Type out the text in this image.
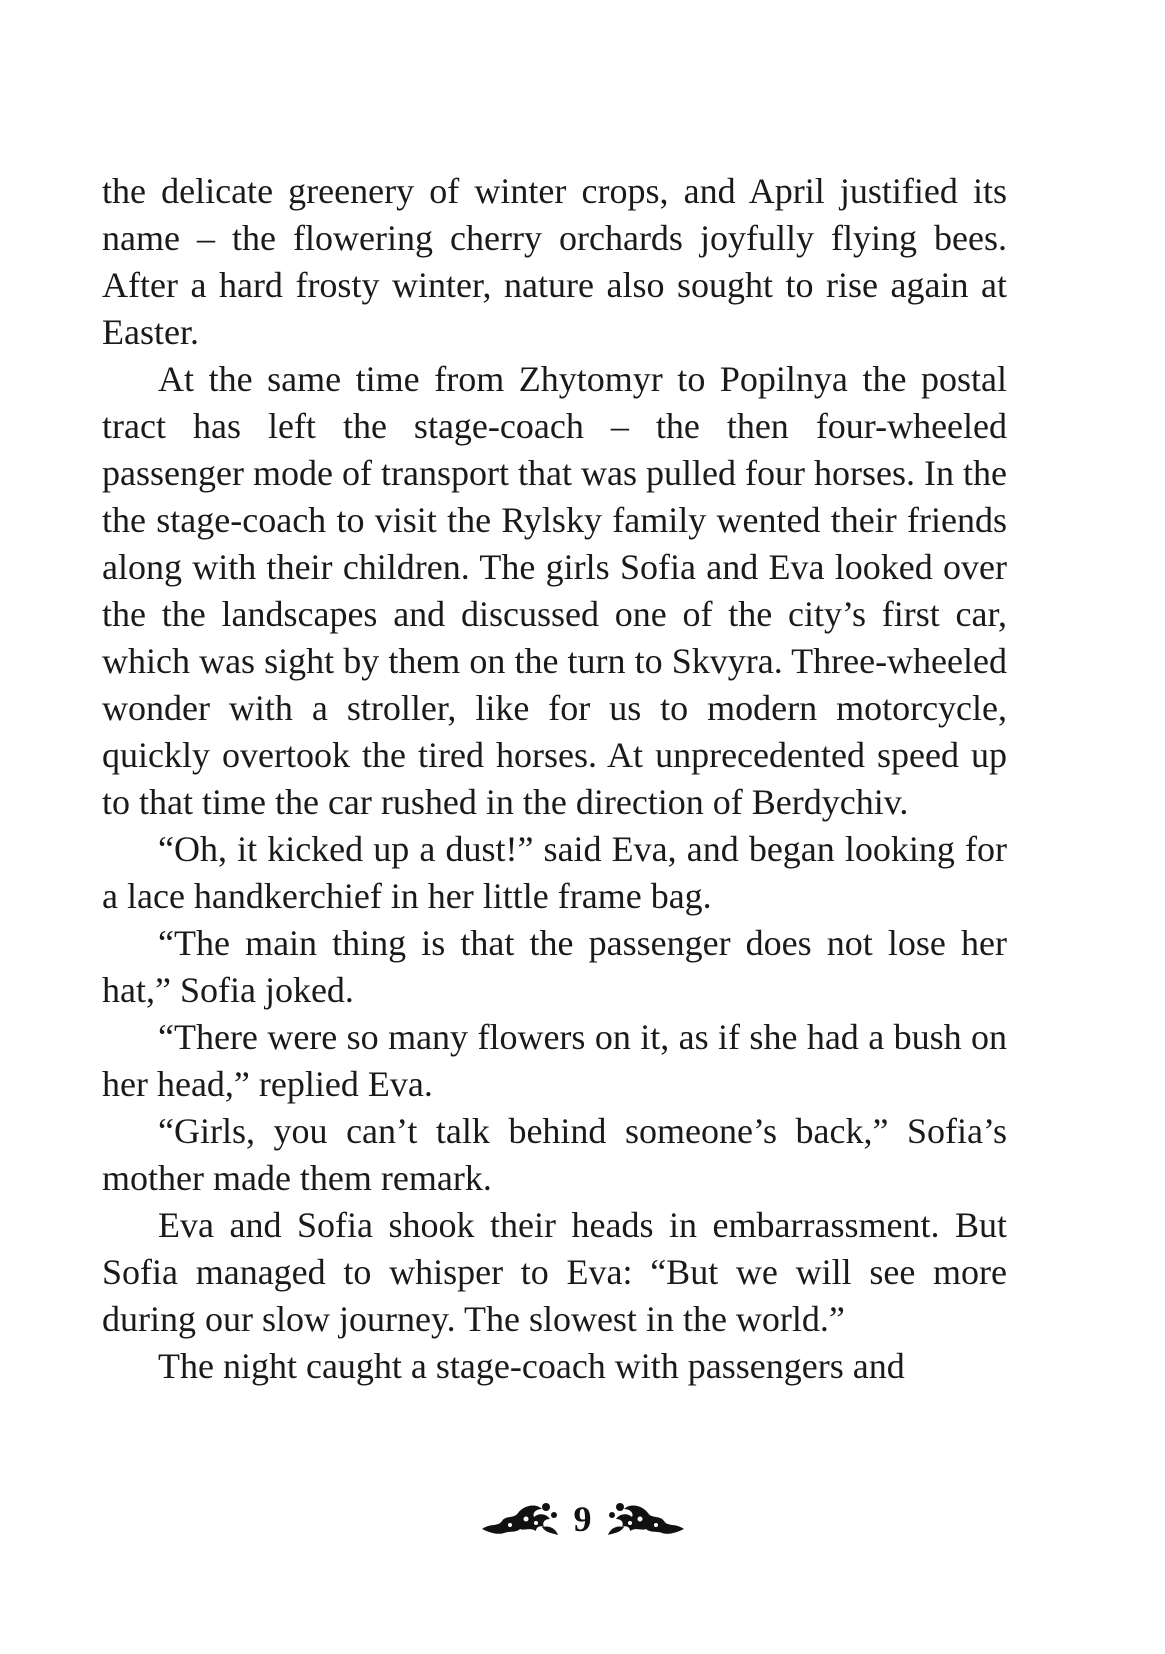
the delicate greenery of winter crops, and April justified its name – the flowering cherry orchards joyfully flying bees. After a hard frosty winter, nature also sought to rise again at Easter.

At the same time from Zhytomyr to Popilnya the postal tract has left the stage-coach – the then four-wheeled passenger mode of transport that was pulled four horses. In the the stage-coach to visit the Rylsky family wented their friends along with their children. The girls Sofia and Eva looked over the the landscapes and discussed one of the city’s first car, which was sight by them on the turn to Skvyra. Three-wheeled wonder with a stroller, like for us to modern motorcycle, quickly overtook the tired horses. At unprecedented speed up to that time the car rushed in the direction of Berdychiv.

“Oh, it kicked up a dust!” said Eva, and began looking for a lace handkerchief in her little frame bag.

“The main thing is that the passenger does not lose her hat,” Sofia joked.

“There were so many flowers on it, as if she had a bush on her head,” replied Eva.

“Girls, you can’t talk behind someone’s back,” Sofia’s mother made them remark.

Eva and Sofia shook their heads in embarrassment. But Sofia managed to whisper to Eva: “But we will see more during our slow journey. The slowest in the world.”

The night caught a stage-coach with passengers and

9
